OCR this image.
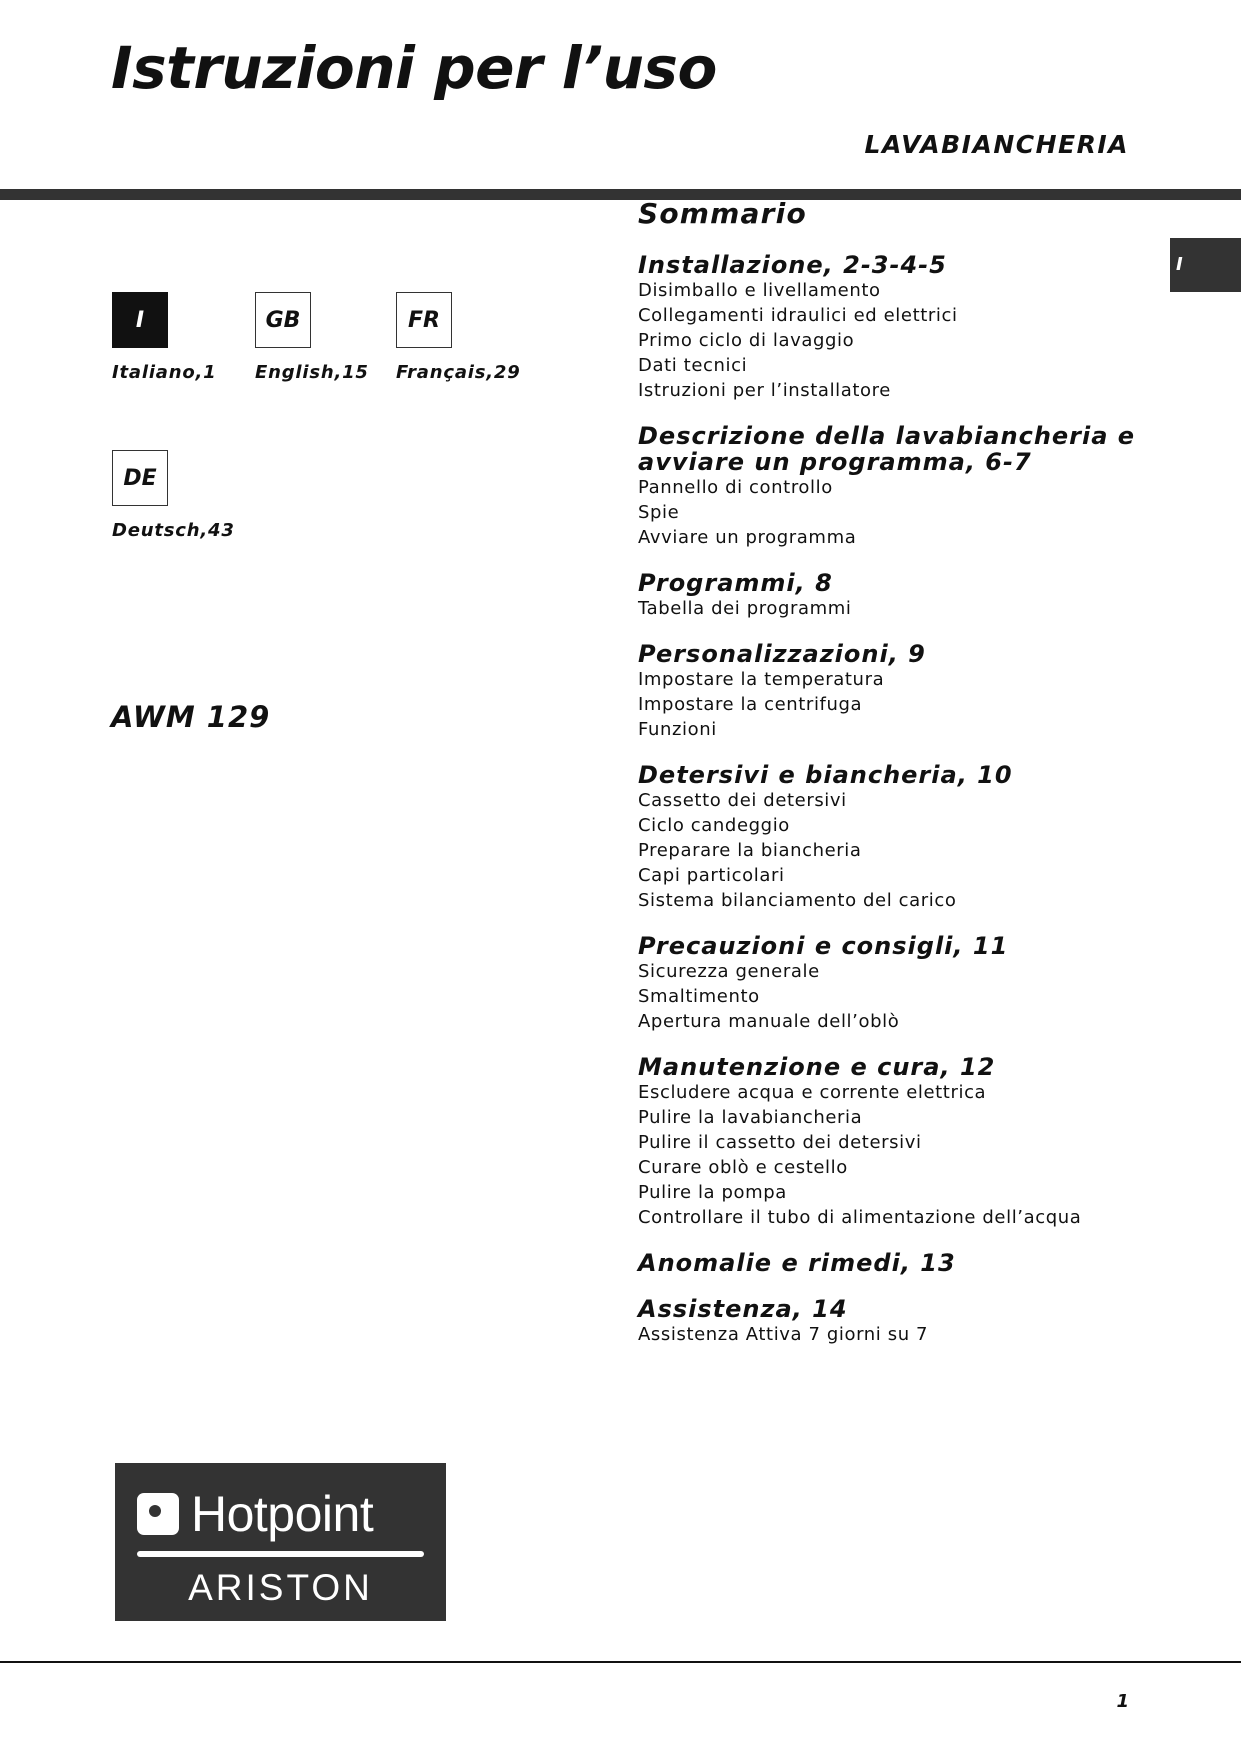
Istruzioni per l’uso
LAVABIANCHERIA
I
I
Italiano,1
GB
English,15
FR
Français,29
DE
Deutsch,43
AWM 129
Sommario

Installazione, 2-3-4-5

Disimballo e livellamento

Collegamenti idraulici ed elettrici

Primo ciclo di lavaggio

Dati tecnici

Istruzioni per l’installatore

Descrizione della lavabiancheria e avviare un programma, 6-7

Pannello di controllo

Spie

Avviare un programma

Programmi, 8

Tabella dei programmi

Personalizzazioni, 9

Impostare la temperatura

Impostare la centrifuga

Funzioni

Detersivi e biancheria, 10

Cassetto dei detersivi

Ciclo candeggio

Preparare la biancheria

Capi particolari

Sistema bilanciamento del carico

Precauzioni e consigli, 11

Sicurezza generale

Smaltimento

Apertura manuale dell’oblò

Manutenzione e cura, 12

Escludere acqua e corrente elettrica

Pulire la lavabiancheria

Pulire il cassetto dei detersivi

Curare oblò e cestello

Pulire la pompa

Controllare il tubo di alimentazione dell’acqua

Anomalie e rimedi, 13

Assistenza, 14

Assistenza Attiva 7 giorni su 7

Hotpoint
ARISTON
1
